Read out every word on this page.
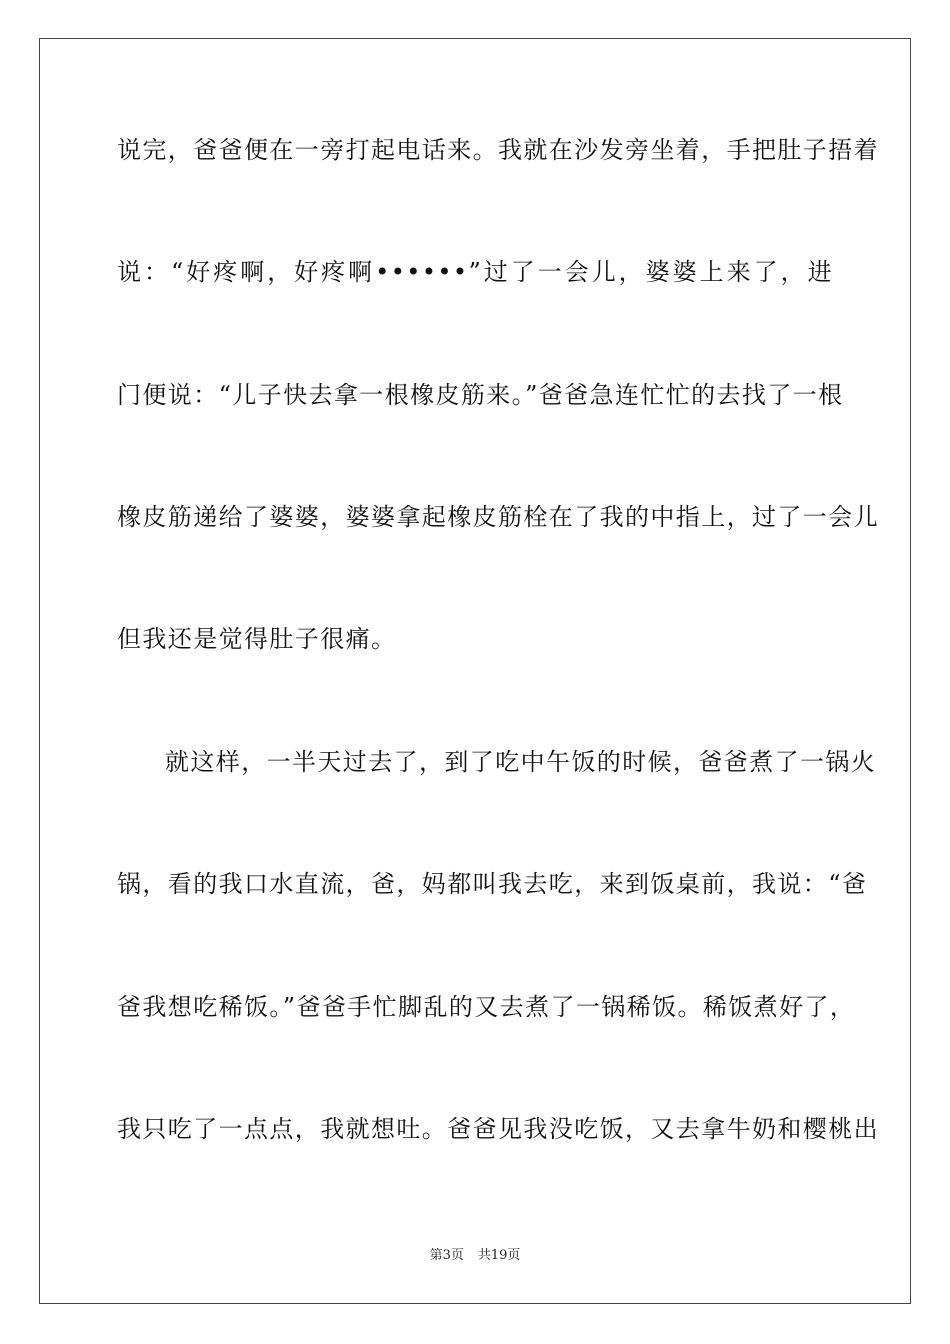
说完，爸爸便在一旁打起电话来。我就在沙发旁坐着，手把肚子捂着
说：“好疼啊，好疼啊••••••”过了一会儿，婆婆上来了，进
门便说：“儿子快去拿一根橡皮筋来。”爸爸急连忙忙的去找了一根
橡皮筋递给了婆婆，婆婆拿起橡皮筋栓在了我的中指上，过了一会儿
但我还是觉得肚子很痛。
就这样，一半天过去了，到了吃中午饭的时候，爸爸煮了一锅火
锅，看的我口水直流，爸，妈都叫我去吃，来到饭桌前，我说：“爸
爸我想吃稀饭。”爸爸手忙脚乱的又去煮了一锅稀饭。稀饭煮好了，
我只吃了一点点，我就想吐。爸爸见我没吃饭，又去拿牛奶和樱桃出
第3页 共19页
